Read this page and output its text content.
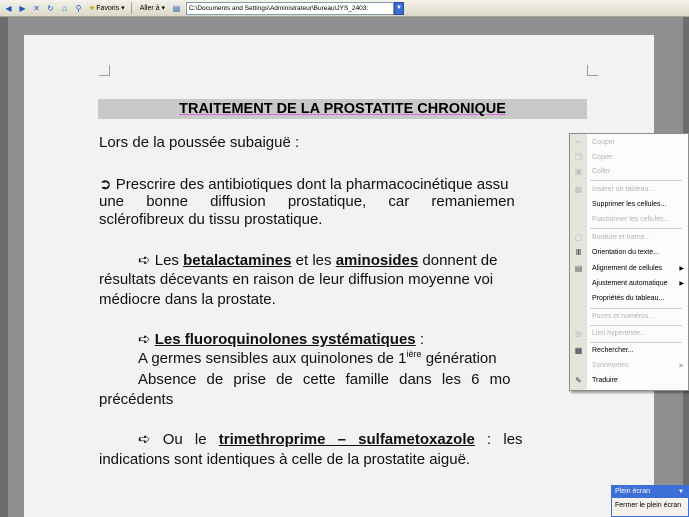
◀ ▶ ✕ ↻	⌂	⚲	★ Favoris ▾	Aller à ▾ ▤	C:\Documents and Settings\Administrateur\Bureau\JYS_2403:	▼
TRAITEMENT DE LA PROSTATITE CHRONIQUE
Lors de la poussée subaiguë :
➲ Prescrire des antibiotiques dont la pharmacocinétique assu
une bonne diffusion prostatique, car remaniemen
sclérofibreux du tissu prostatique.
➪ Les betalactamines et les aminosides donnent de
résultats décevants en raison de leur diffusion moyenne voi
médiocre dans la prostate.
➪ Les fluoroquinolones systématiques :
A germes sensibles aux quinolones de $1^{ière}$ génération
Absence de prise de cette famille dans les 6 mo
précédents
➪ Ou le trimethroprime – sulfametoxazole : les
indications sont identiques à celle de la prostatite aiguë.
✂	Couper
❐ Copier
▣ Coller
▦ Insérer un tableau...
Supprimer les cellules...
Fractionner les cellules...
▢ Bordure et trame...
Ⅲ	Orientation du texte...
▤ Alignement de cellules	▶
Ajustement automatique ▶
Propriétés du tableau...
Puces et numéros...
🜨	Lien hypertexte...
▦ Rechercher...
Synonymes	▶
✎	Traduire
Plein écran	▼
Fermer le plein écran
